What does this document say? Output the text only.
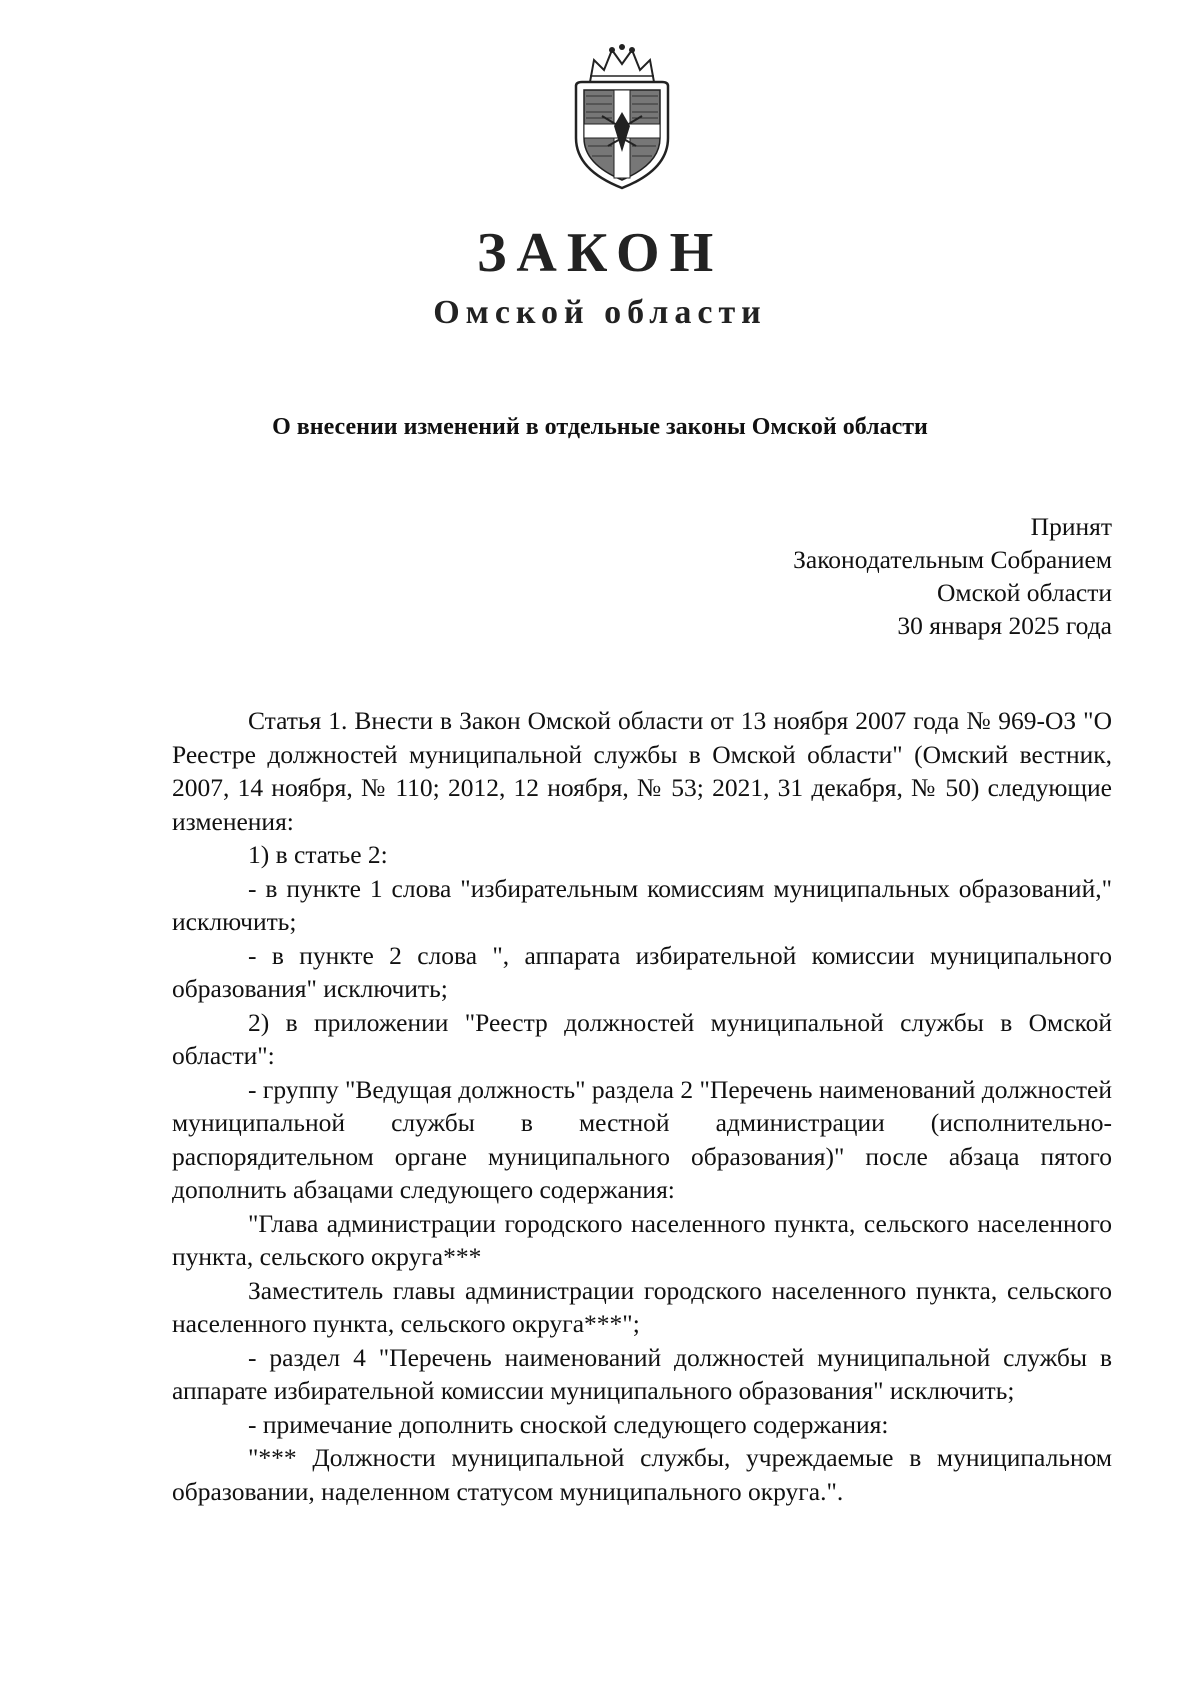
ЗАКОН
Омской области
О внесении изменений в отдельные законы Омской области
Принят
Законодательным Собранием
Омской области
30 января 2025 года

Статья 1. Внести в Закон Омской области от 13 ноября 2007 года № 969-ОЗ "О Реестре должностей муниципальной службы в Омской области" (Омский вестник, 2007, 14 ноября, № 110; 2012, 12 ноября, № 53; 2021, 31 декабря, № 50) следующие изменения:

1) в статье 2:

- в пункте 1 слова "избирательным комиссиям муниципальных образований," исключить;

- в пункте 2 слова ", аппарата избирательной комиссии муниципального образования" исключить;

2) в приложении "Реестр должностей муниципальной службы в Омской области":

- группу "Ведущая должность" раздела 2 "Перечень наименований должностей муниципальной службы в местной администрации (исполнительно-распорядительном органе муниципального образования)" после абзаца пятого дополнить абзацами следующего содержания:

"Глава администрации городского населенного пункта, сельского населенного пункта, сельского округа***

Заместитель главы администрации городского населенного пункта, сельского населенного пункта, сельского округа***";

- раздел 4 "Перечень наименований должностей муниципальной службы в аппарате избирательной комиссии муниципального образования" исключить;

- примечание дополнить сноской следующего содержания:

"*** Должности муниципальной службы, учреждаемые в муниципальном образовании, наделенном статусом муниципального округа.".
